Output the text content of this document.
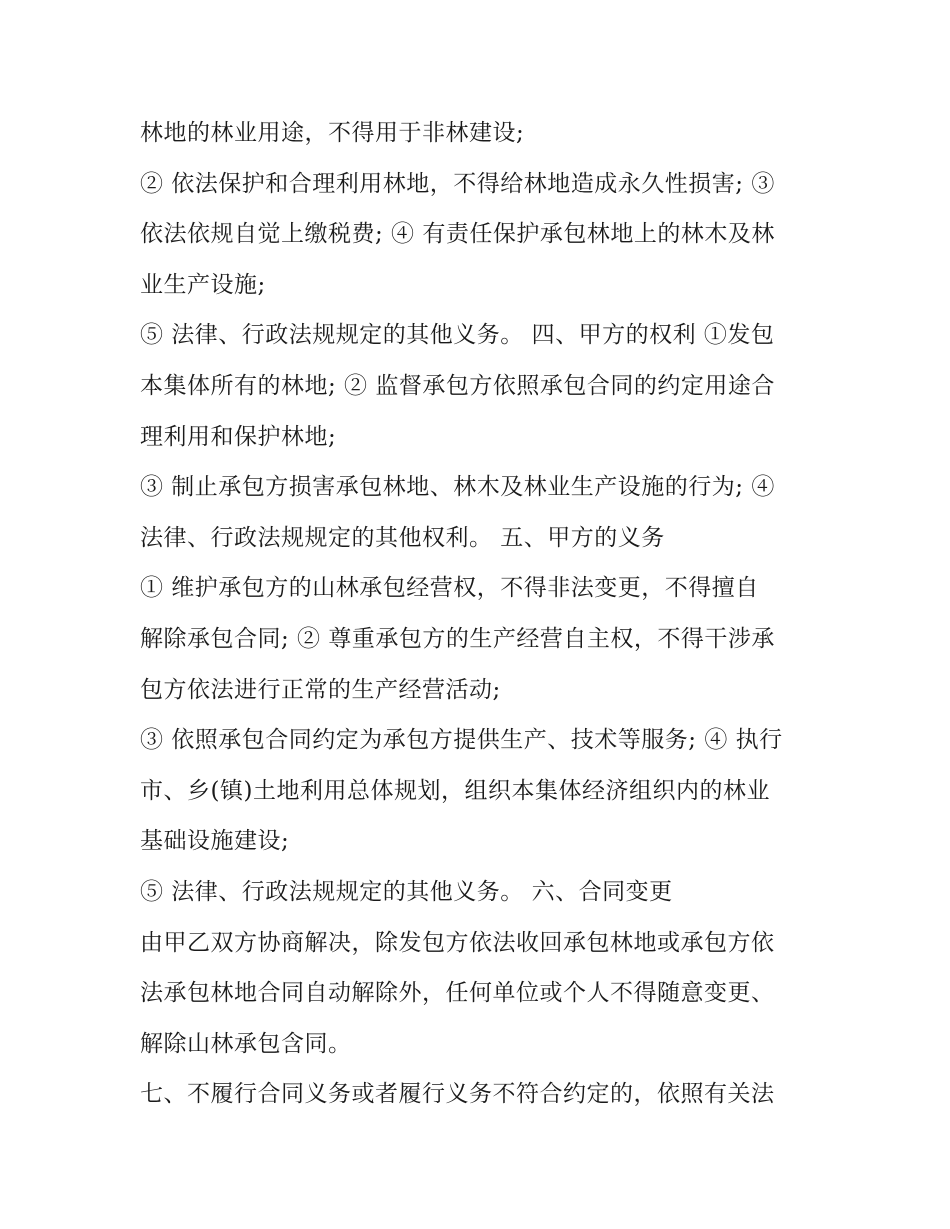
林地的林业用途，不得用于非林建设;
② 依法保护和合理利用林地，不得给林地造成永久性损害; ③
依法依规自觉上缴税费; ④ 有责任保护承包林地上的林木及林
业生产设施;
⑤ 法律、行政法规规定的其他义务。 四、甲方的权利 ①发包
本集体所有的林地; ② 监督承包方依照承包合同的约定用途合
理利用和保护林地;
③ 制止承包方损害承包林地、林木及林业生产设施的行为; ④
法律、行政法规规定的其他权利。 五、甲方的义务
① 维护承包方的山林承包经营权，不得非法变更，不得擅自
解除承包合同; ② 尊重承包方的生产经营自主权，不得干涉承
包方依法进行正常的生产经营活动;
③ 依照承包合同约定为承包方提供生产、技术等服务; ④ 执行
市、乡(镇)土地利用总体规划，组织本集体经济组织内的林业
基础设施建设;
⑤ 法律、行政法规规定的其他义务。 六、合同变更
由甲乙双方协商解决，除发包方依法收回承包林地或承包方依
法承包林地合同自动解除外，任何单位或个人不得随意变更、
解除山林承包含同。
七、不履行合同义务或者履行义务不符合约定的，依照有关法
